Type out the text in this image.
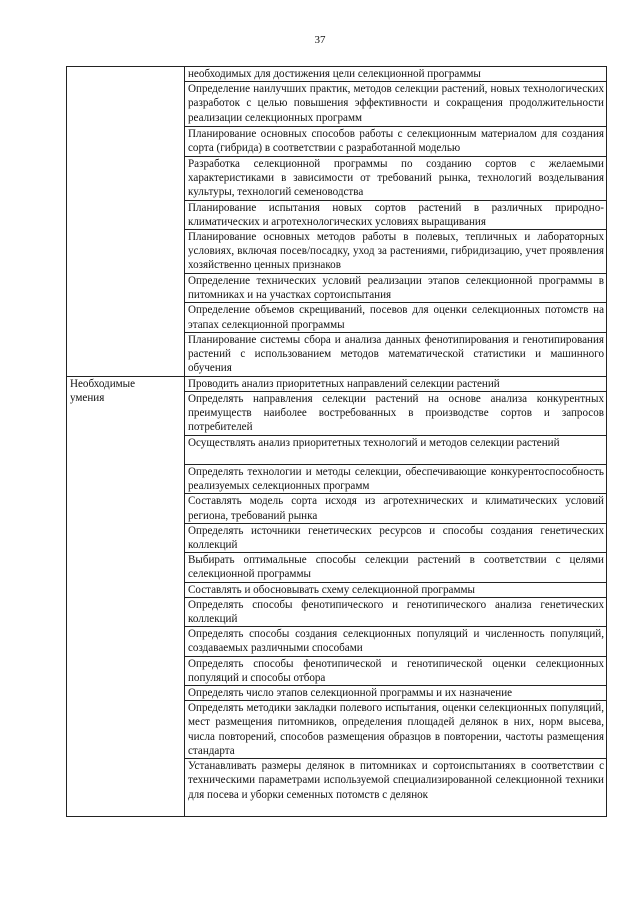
37
	необходимых для достижения цели селекционной программы
	Определение наилучших практик, методов селекции растений, новых технологических разработок с целью повышения эффективности и сокращения продолжительности реализации селекционных программ
	Планирование основных способов работы с селекционным материалом для создания сорта (гибрида) в соответствии с разработанной моделью
	Разработка селекционной программы по созданию сортов с желаемыми характеристиками в зависимости от требований рынка, технологий возделывания культуры, технологий семеноводства
	Планирование испытания новых сортов растений в различных природно-климатических и агротехнологических условиях выращивания
	Планирование основных методов работы в полевых, тепличных и лабораторных условиях, включая посев/посадку, уход за растениями, гибридизацию, учет проявления хозяйственно ценных признаков
	Определение технических условий реализации этапов селекционной программы в питомниках и на участках сортоиспытания
	Определение объемов скрещиваний, посевов для оценки селекционных потомств на этапах селекционной программы
	Планирование системы сбора и анализа данных фенотипирования и генотипирования растений с использованием методов математической статистики и машинного обучения

Необходимые
умения	Проводить анализ приоритетных направлений селекции растений
	Определять направления селекции растений на основе анализа конкурентных преимуществ наиболее востребованных в производстве сортов и запросов потребителей
	Осуществлять анализ приоритетных технологий и методов селекции растений
	Определять технологии и методы селекции, обеспечивающие конкурентоспособность реализуемых селекционных программ
	Составлять модель сорта исходя из агротехнических и климатических условий региона, требований рынка
	Определять источники генетических ресурсов и способы создания генетических коллекций
	Выбирать оптимальные способы селекции растений в соответствии с целями селекционной программы
	Составлять и обосновывать схему селекционной программы
	Определять способы фенотипического и генотипического анализа генетических коллекций
	Определять способы создания селекционных популяций и численность популяций, создаваемых различными способами
	Определять способы фенотипической и генотипической оценки селекционных популяций и способы отбора
	Определять число этапов селекционной программы и их назначение
	Определять методики закладки полевого испытания, оценки селекционных популяций, мест размещения питомников, определения площадей делянок в них, норм высева, числа повторений, способов размещения образцов в повторении, частоты размещения стандарта
	Устанавливать размеры делянок в питомниках и сортоиспытаниях в соответствии с техническими параметрами используемой специализированной селекционной техники для посева и уборки семенных потомств с делянок
